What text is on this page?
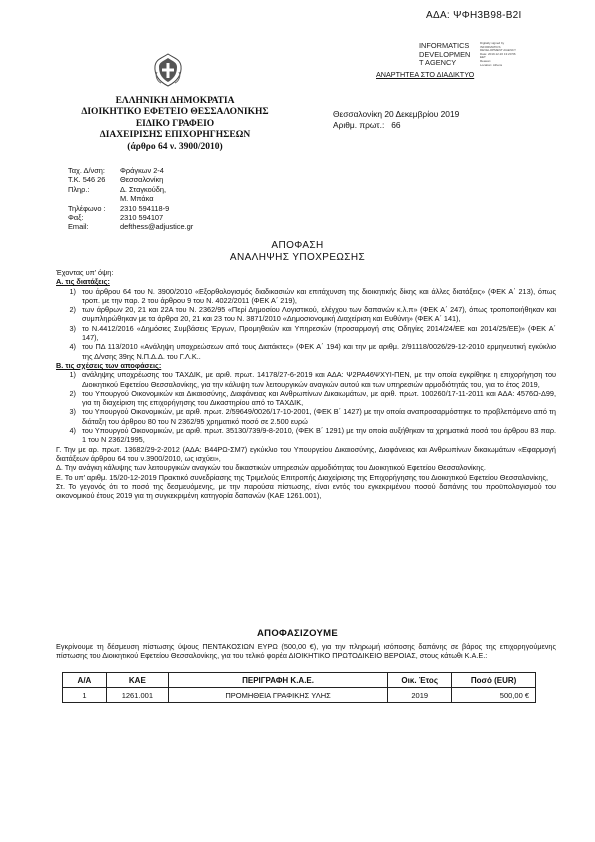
ΑΔΑ: ΨΦΗ3Β98-Β2Ι
INFORMATICS
DEVELOPMEN
T AGENCY
Digitally signed by
INFORMATICS
DEVELOPMENT AGENCY
Date: 2019.12.20 13:20:56
EET
Reason:
Location: Athens
ΑΝΑΡΤΗΤΕΑ ΣΤΟ ΔΙΑΔΙΚΤΥΟ
ΕΛΛΗΝΙΚΗ ΔΗΜΟΚΡΑΤΙΑ
ΔΙΟΙΚΗΤΙΚΟ ΕΦΕΤΕΙΟ ΘΕΣΣΑΛΟΝΙΚΗΣ
ΕΙΔΙΚΟ ΓΡΑΦΕΙΟ
ΔΙΑΧΕΙΡΙΣΗΣ ΕΠΙΧΟΡΗΓΗΣΕΩΝ
(άρθρο 64 ν. 3900/2010)
Θεσσαλονίκη 20 Δεκεμβρίου 2019
Αριθμ. πρωτ.:   66
Ταχ. Δ/νση:	Φράγκων 2-4
Τ.Κ. 546 26	Θεσσαλονίκη
Πληρ.:	Δ. Σταγκούδη,
Μ. Μπάκα
Τηλέφωνο :	2310 594118-9
Φαξ:	2310 594107
Email:	defthess@adjustice.gr
ΑΠΟΦΑΣΗ
ΑΝΑΛΗΨΗΣ ΥΠΟΧΡΕΩΣΗΣ
Έχοντας υπ’ όψη:
Α. τις διατάξεις:
1) του άρθρου 64 του Ν. 3900/2010 «Εξορθολογισμός διαδικασιών και επιτάχυνση της διοικητικής δίκης και άλλες διατάξεις» (ΦΕΚ Α΄ 213), όπως τροπ. με την παρ. 2 του άρθρου 9 του Ν. 4022/2011 (ΦΕΚ Α΄ 219),
2) των άρθρων 20, 21 και 22Α του Ν. 2362/95 «Περί Δημοσίου Λογιστικού, ελέγχου των δαπανών κ.λ.π» (ΦΕΚ Α΄ 247), όπως τροποποιήθηκαν και συμπληρώθηκαν με τα άρθρα 20, 21 και 23 του Ν. 3871/2010 «Δημοσιονομική Διαχείριση και Ευθύνη» (ΦΕΚ Α΄ 141),
3) το Ν.4412/2016 «Δημόσιες Συμβάσεις Έργων, Προμηθειών και Υπηρεσιών (προσαρμογή στις Οδηγίες 2014/24/ΕΕ και 2014/25/ΕΕ)» (ΦΕΚ Α΄ 147),
4) του ΠΔ 113/2010 «Ανάληψη υποχρεώσεων από τους Διατάκτες» (ΦΕΚ Α΄ 194) και την με αριθμ. 2/91118/0026/29-12-2010 ερμηνευτική εγκύκλιο της Δ/νσης 39ης Ν.Π.Δ.Δ. του Γ.Λ.Κ..
Β. τις σχέσεις των αποφάσεις:
1) ανάληψης υποχρέωσης του ΤΑΧΔΙΚ, με αριθ. πρωτ. 14178/27-6-2019 και ΑΔΑ: Ψ2ΡΑ46ΨΧΥΙ-ΠΕΝ, με την οποία εγκρίθηκε η επιχορήγηση του Διοικητικού Εφετείου Θεσσαλονίκης, για την κάλυψη των λειτουργικών αναγκών αυτού και των υπηρεσιών αρμοδιότητάς του, για το έτος 2019,
2) του Υπουργού Οικονομικών και Δικαιοσύνης, Διαφάνειας και Ανθρωπίνων Δικαιωμάτων, με αριθ. πρωτ. 100260/17-11-2011 και ΑΔΑ: 4576Ω-Δ99, για τη διαχείριση της επιχορήγησης του Δικαστηρίου από το ΤΑΧΔΙΚ,
3) του Υπουργού Οικονομικών, με αριθ. πρωτ. 2/59649/0026/17-10-2001, (ΦΕΚ Β΄ 1427) με την οποία αναπροσαρμόστηκε το προβλεπόμενο από τη διάταξη του άρθρου 80 του Ν 2362/95 χρηματικό ποσό σε 2.500 ευρώ
4) του Υπουργού Οικονομικών, με αριθ. πρωτ. 35130/739/9-8-2010, (ΦΕΚ Β΄ 1291) με την οποία αυξήθηκαν τα χρηματικά ποσά του άρθρου 83 παρ. 1 του Ν 2362/1995,
Γ. Την με αρ. πρωτ. 13682/29-2-2012 (ΑΔΑ: Β44ΡΩ-ΣΜ7) εγκύκλιο του Υπουργείου Δικαιοσύνης, Διαφάνειας και Ανθρωπίνων δικαιωμάτων «Εφαρμογή διατάξεων άρθρου 64 του ν.3900/2010, ως ισχύει»,
Δ. Την ανάγκη κάλυψης των λειτουργικών αναγκών του δικαστικών υπηρεσιών αρμοδιότητας του Διοικητικού Εφετείου Θεσσαλονίκης.
Ε. Το υπ’ αριθμ. 15/20-12-2019 Πρακτικό συνεδρίασης της Τριμελούς Επιτροπής Διαχείρισης της Επιχορήγησης του Διοικητικού Εφετείου Θεσσαλονίκης,
Στ. Το γεγονός ότι το ποσό της δεσμευόμενης, με την παρούσα πίστωσης, είναι εντός του εγκεκριμένου ποσού δαπάνης του προϋπολογισμού του οικονομικού έτους 2019 για τη συγκεκριμένη κατηγορία δαπανών (ΚΑΕ 1261.001),
ΑΠΟΦΑΣΙΖΟΥΜΕ
Εγκρίνουμε τη δέσμευση πίστωσης ύψους ΠΕΝΤΑΚΟΣΙΩΝ ΕΥΡΩ (500,00 €), για την πληρωμή ισόποσης δαπάνης σε βάρος της επιχορηγούμενης πίστωσης του Διοικητικού Εφετείου Θεσσαλονίκης, για του τελικό φορέα ΔΙΟΙΚΗΤΙΚΟ ΠΡΩΤΟΔΙΚΕΙΟ ΒΕΡΟΙΑΣ, στους κάτωθι Κ.Α.Ε.:
Α/Α	ΚΑΕ	ΠΕΡΙΓΡΑΦΗ Κ.Α.Ε.	Οικ. Έτος	Ποσό (EUR)
1	1261.001	ΠΡΟΜΗΘΕΙΑ ΓΡΑΦΙΚΗΣ ΥΛΗΣ	2019	500,00 €
